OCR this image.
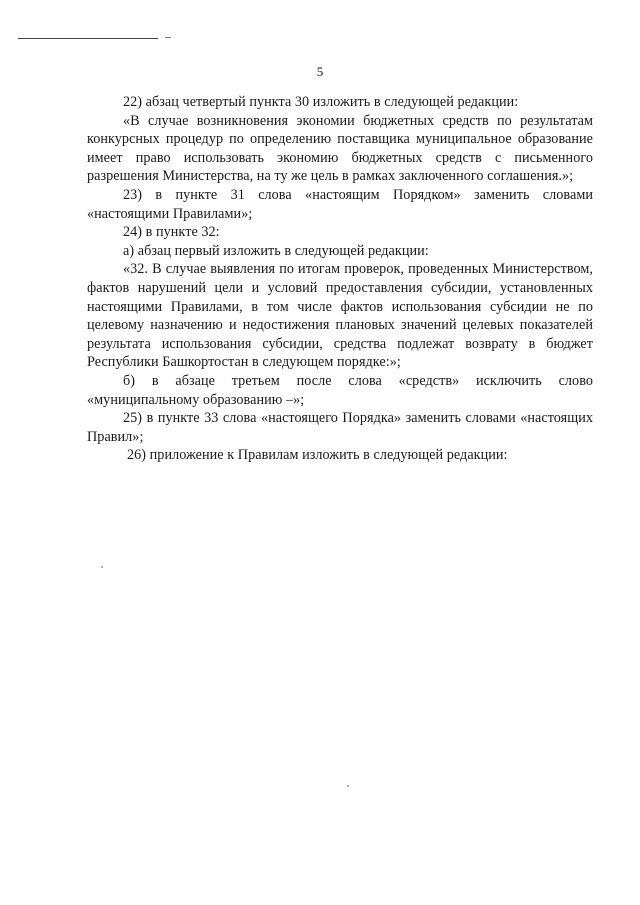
5

22) абзац четвертый пункта 30 изложить в следующей редакции:

«В случае возникновения экономии бюджетных средств по результатам конкурсных процедур по определению поставщика муниципальное образование имеет право использовать экономию бюджетных средств с письменного разрешения Министерства, на ту же цель в рамках заключенного соглашения.»;

23) в пункте 31 слова «настоящим Порядком» заменить словами «настоящими Правилами»;

24) в пункте 32:

а) абзац первый изложить в следующей редакции:

«32. В случае выявления по итогам проверок, проведенных Министерством, фактов нарушений цели и условий предоставления субсидии, установленных настоящими Правилами, в том числе фактов использования субсидии не по целевому назначению и недостижения плановых значений целевых показателей результата использования субсидии, средства подлежат возврату в бюджет Республики Башкортостан в следующем порядке:»;

б) в абзаце третьем после слова «средств» исключить слово «муниципальному образованию –»;

25) в пункте 33 слова «настоящего Порядка» заменить словами «настоящих Правил»;

26) приложение к Правилам изложить в следующей редакции:
